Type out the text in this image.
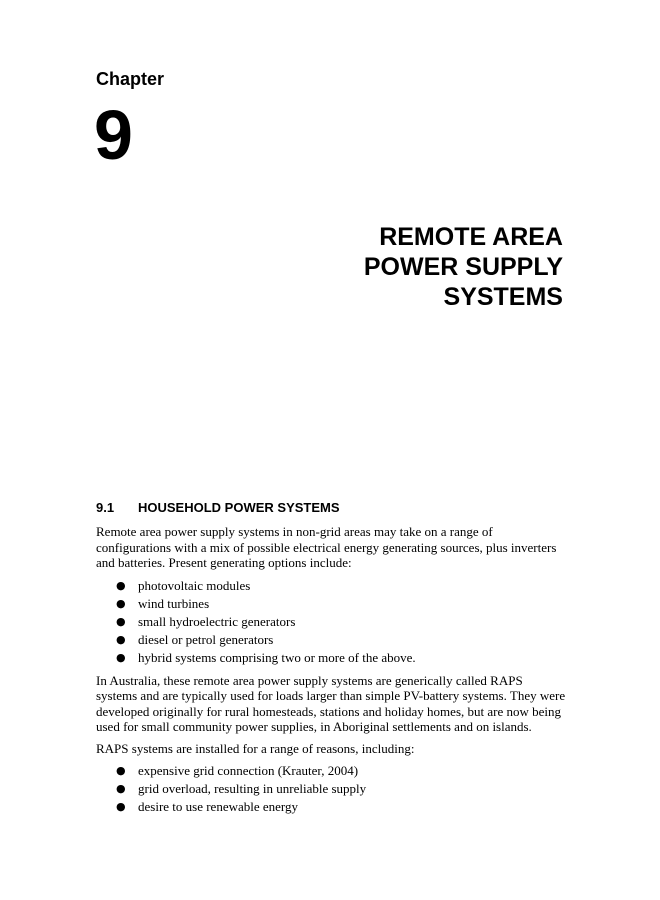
Chapter
9
REMOTE AREA
POWER SUPPLY
SYSTEMS
9.1 HOUSEHOLD POWER SYSTEMS

Remote area power supply systems in non-grid areas may take on a range of configurations with a mix of possible electrical energy generating sources, plus inverters and batteries. Present generating options include:

● photovoltaic modules
● wind turbines
● small hydroelectric generators
● diesel or petrol generators
● hybrid systems comprising two or more of the above.

In Australia, these remote area power supply systems are generically called RAPS systems and are typically used for loads larger than simple PV-battery systems. They were developed originally for rural homesteads, stations and holiday homes, but are now being used for small community power supplies, in Aboriginal settlements and on islands.

RAPS systems are installed for a range of reasons, including:

● expensive grid connection (Krauter, 2004)
● grid overload, resulting in unreliable supply
● desire to use renewable energy
